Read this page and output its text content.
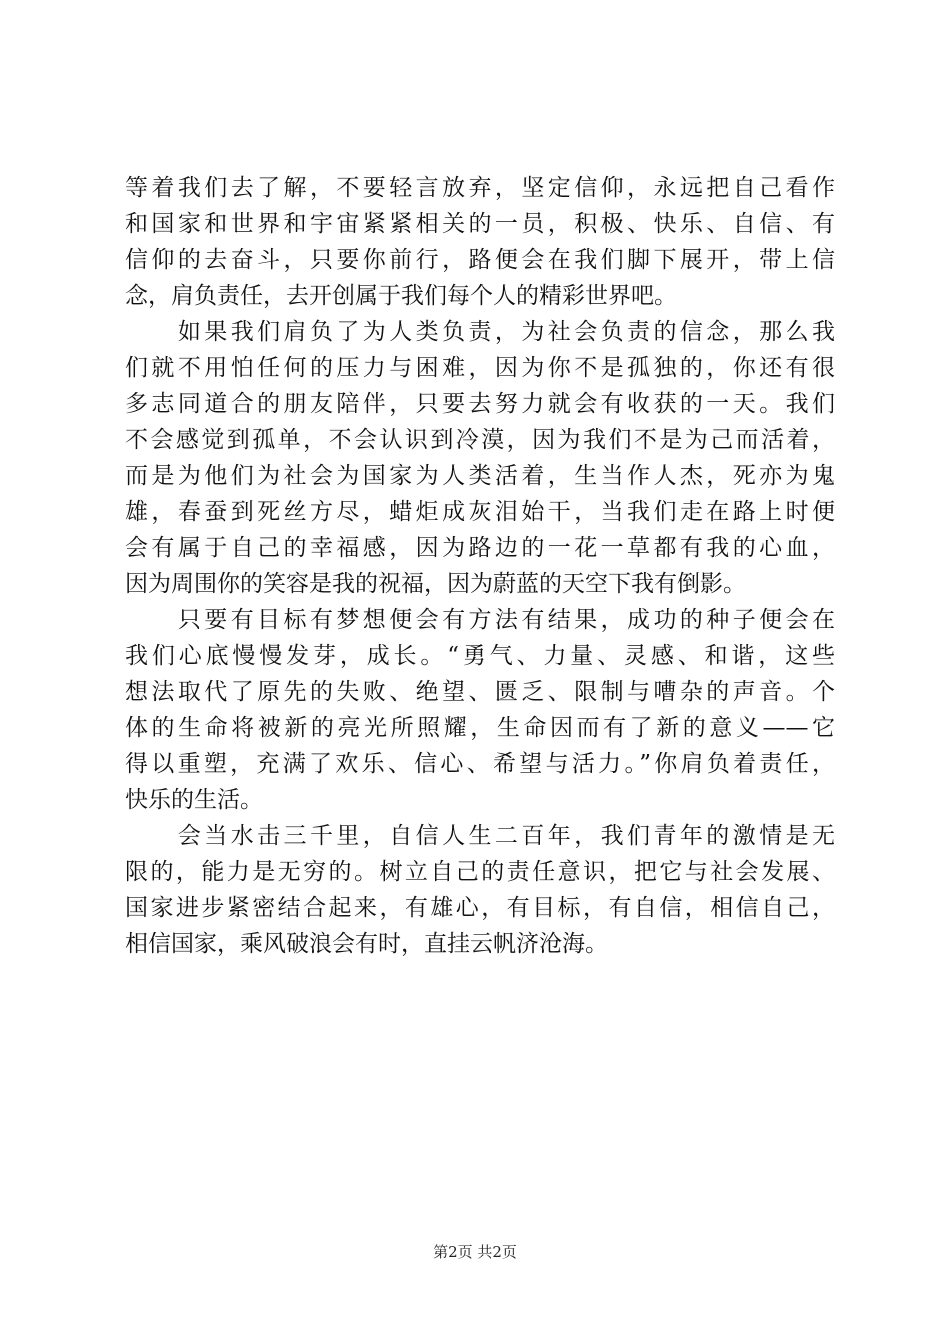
等着我们去了解，不要轻言放弃，坚定信仰，永远把自己看作
和国家和世界和宇宙紧紧相关的一员，积极、快乐、自信、有
信仰的去奋斗，只要你前行，路便会在我们脚下展开，带上信
念，肩负责任，去开创属于我们每个人的精彩世界吧。
　　如果我们肩负了为人类负责，为社会负责的信念，那么我
们就不用怕任何的压力与困难，因为你不是孤独的，你还有很
多志同道合的朋友陪伴，只要去努力就会有收获的一天。我们
不会感觉到孤单，不会认识到冷漠，因为我们不是为己而活着，
而是为他们为社会为国家为人类活着，生当作人杰，死亦为鬼
雄，春蚕到死丝方尽，蜡炬成灰泪始干，当我们走在路上时便
会有属于自己的幸福感，因为路边的一花一草都有我的心血，
因为周围你的笑容是我的祝福，因为蔚蓝的天空下我有倒影。
　　只要有目标有梦想便会有方法有结果，成功的种子便会在
我们心底慢慢发芽，成长。“勇气、力量、灵感、和谐，这些
想法取代了原先的失败、绝望、匮乏、限制与嘈杂的声音。个
体的生命将被新的亮光所照耀，生命因而有了新的意义——它
得以重塑，充满了欢乐、信心、希望与活力。”你肩负着责任，
快乐的生活。
　　会当水击三千里，自信人生二百年，我们青年的激情是无
限的，能力是无穷的。树立自己的责任意识，把它与社会发展、
国家进步紧密结合起来，有雄心，有目标，有自信，相信自己，
相信国家，乘风破浪会有时，直挂云帆济沧海。
第2页 共2页
